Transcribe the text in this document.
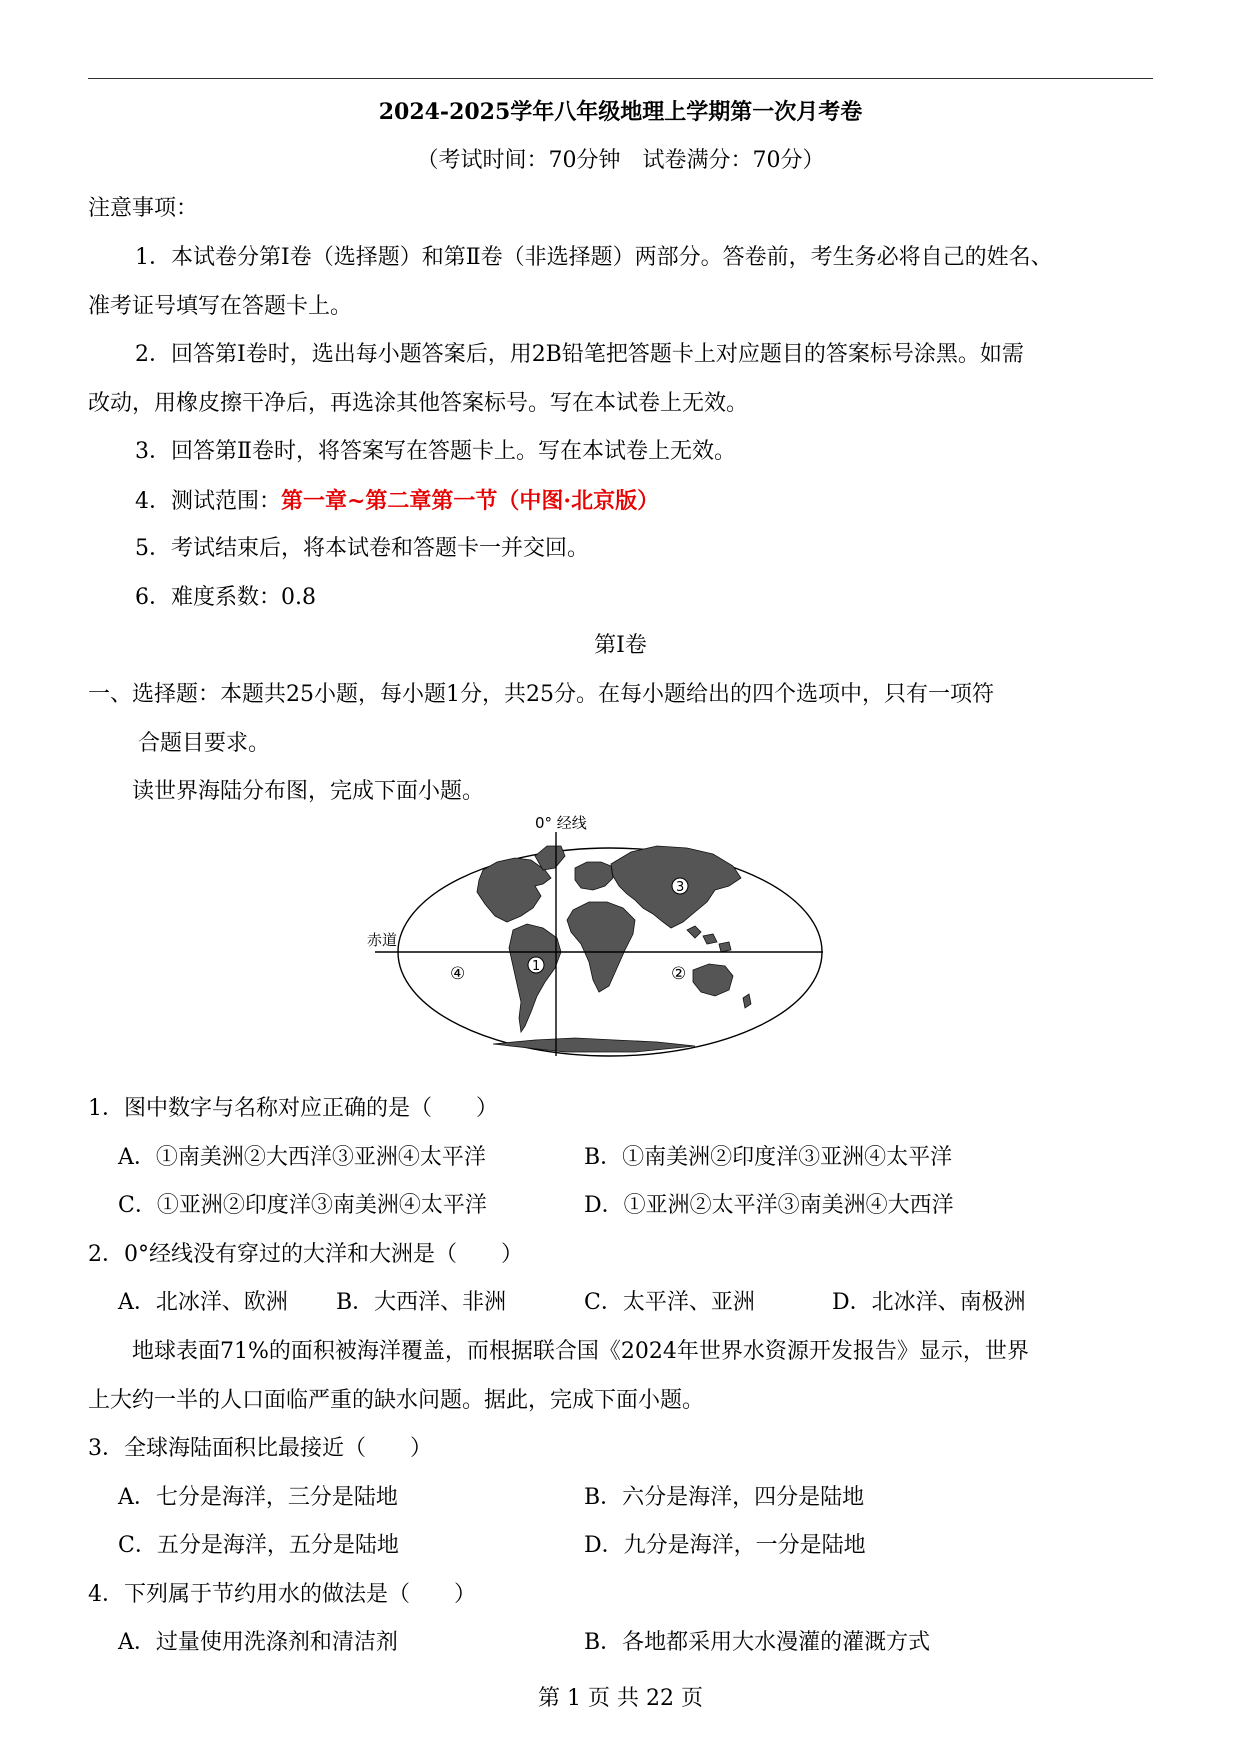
2024-2025学年八年级地理上学期第一次月考卷
（考试时间：70分钟　试卷满分：70分）
注意事项：
1．本试卷分第Ⅰ卷（选择题）和第Ⅱ卷（非选择题）两部分。答卷前，考生务必将自己的姓名、
准考证号填写在答题卡上。
2．回答第Ⅰ卷时，选出每小题答案后，用2B铅笔把答题卡上对应题目的答案标号涂黑。如需
改动，用橡皮擦干净后，再选涂其他答案标号。写在本试卷上无效。
3．回答第Ⅱ卷时，将答案写在答题卡上。写在本试卷上无效。
4．测试范围：第一章~第二章第一节（中图·北京版）
5．考试结束后，将本试卷和答题卡一并交回。
6．难度系数：0.8
第Ⅰ卷
一、选择题：本题共25小题，每小题1分，共25分。在每小题给出的四个选项中，只有一项符
合题目要求。
读世界海陆分布图，完成下面小题。
0° 经线
赤道
1
3
②
④
1．图中数字与名称对应正确的是（　　）
A．①南美洲②大西洋③亚洲④太平洋	B．①南美洲②印度洋③亚洲④太平洋
C．①亚洲②印度洋③南美洲④太平洋	D．①亚洲②太平洋③南美洲④大西洋
2．0°经线没有穿过的大洋和大洲是（　　）
A．北冰洋、欧洲 B．大西洋、非洲	C．太平洋、亚洲	D．北冰洋、南极洲
地球表面71%的面积被海洋覆盖，而根据联合国《2024年世界水资源开发报告》显示，世界
上大约一半的人口面临严重的缺水问题。据此，完成下面小题。
3．全球海陆面积比最接近（　　）
A．七分是海洋，三分是陆地	B．六分是海洋，四分是陆地
C．五分是海洋，五分是陆地	D．九分是海洋，一分是陆地
4．下列属于节约用水的做法是（　　）
A．过量使用洗涤剂和清洁剂	B．各地都采用大水漫灌的灌溉方式
第 1 页 共 22 页
